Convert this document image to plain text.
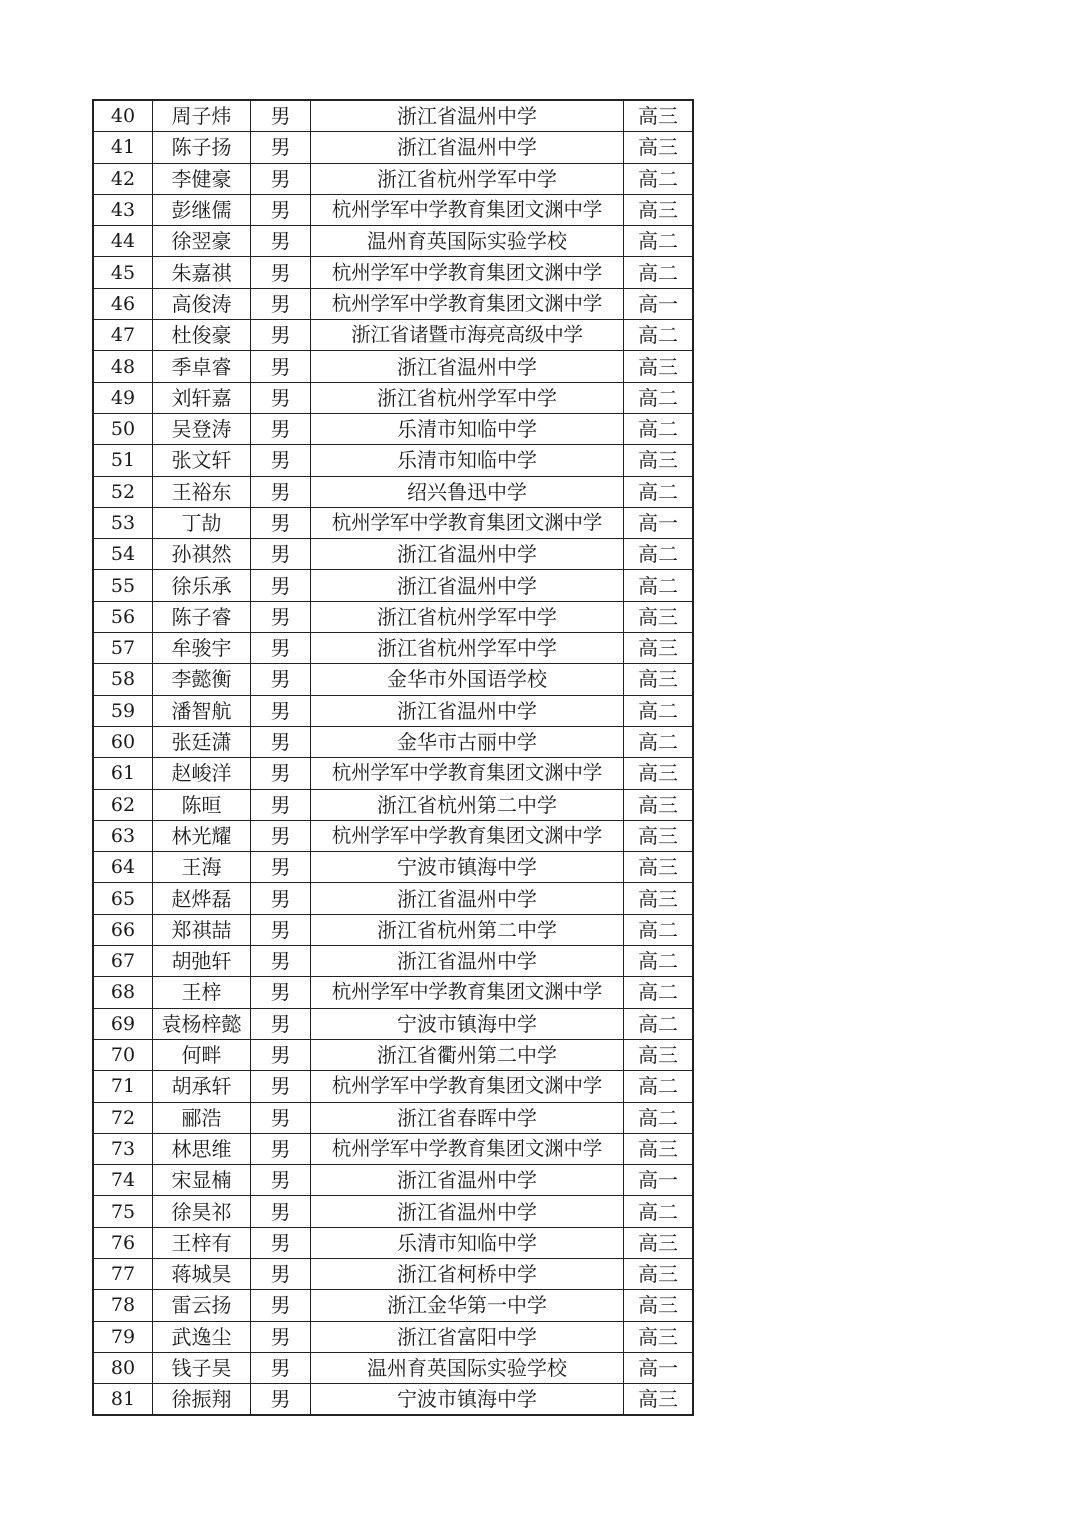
40	周子炜	男	浙江省温州中学	高三
41	陈子扬	男	浙江省温州中学	高三
42	李健豪	男	浙江省杭州学军中学	高二
43	彭继儒	男	杭州学军中学教育集团文渊中学	高三
44	徐翌豪	男	温州育英国际实验学校	高二
45	朱嘉祺	男	杭州学军中学教育集团文渊中学	高二
46	高俊涛	男	杭州学军中学教育集团文渊中学	高一
47	杜俊豪	男	浙江省诸暨市海亮高级中学	高二
48	季卓睿	男	浙江省温州中学	高三
49	刘轩嘉	男	浙江省杭州学军中学	高二
50	吴登涛	男	乐清市知临中学	高二
51	张文轩	男	乐清市知临中学	高三
52	王裕东	男	绍兴鲁迅中学	高二
53	丁劼	男	杭州学军中学教育集团文渊中学	高一
54	孙祺然	男	浙江省温州中学	高二
55	徐乐承	男	浙江省温州中学	高二
56	陈子睿	男	浙江省杭州学军中学	高三
57	牟骏宇	男	浙江省杭州学军中学	高三
58	李懿衡	男	金华市外国语学校	高三
59	潘智航	男	浙江省温州中学	高二
60	张廷潇	男	金华市古丽中学	高二
61	赵峻洋	男	杭州学军中学教育集团文渊中学	高三
62	陈晅	男	浙江省杭州第二中学	高三
63	林光耀	男	杭州学军中学教育集团文渊中学	高三
64	王海	男	宁波市镇海中学	高三
65	赵烨磊	男	浙江省温州中学	高三
66	郑祺喆	男	浙江省杭州第二中学	高二
67	胡弛轩	男	浙江省温州中学	高二
68	王梓	男	杭州学军中学教育集团文渊中学	高二
69	袁杨梓懿	男	宁波市镇海中学	高二
70	何畔	男	浙江省衢州第二中学	高三
71	胡承轩	男	杭州学军中学教育集团文渊中学	高二
72	郦浩	男	浙江省春晖中学	高二
73	林思维	男	杭州学军中学教育集团文渊中学	高三
74	宋显楠	男	浙江省温州中学	高一
75	徐昊祁	男	浙江省温州中学	高二
76	王梓有	男	乐清市知临中学	高三
77	蒋城昊	男	浙江省柯桥中学	高三
78	雷云扬	男	浙江金华第一中学	高三
79	武逸尘	男	浙江省富阳中学	高三
80	钱子昊	男	温州育英国际实验学校	高一
81	徐振翔	男	宁波市镇海中学	高三
